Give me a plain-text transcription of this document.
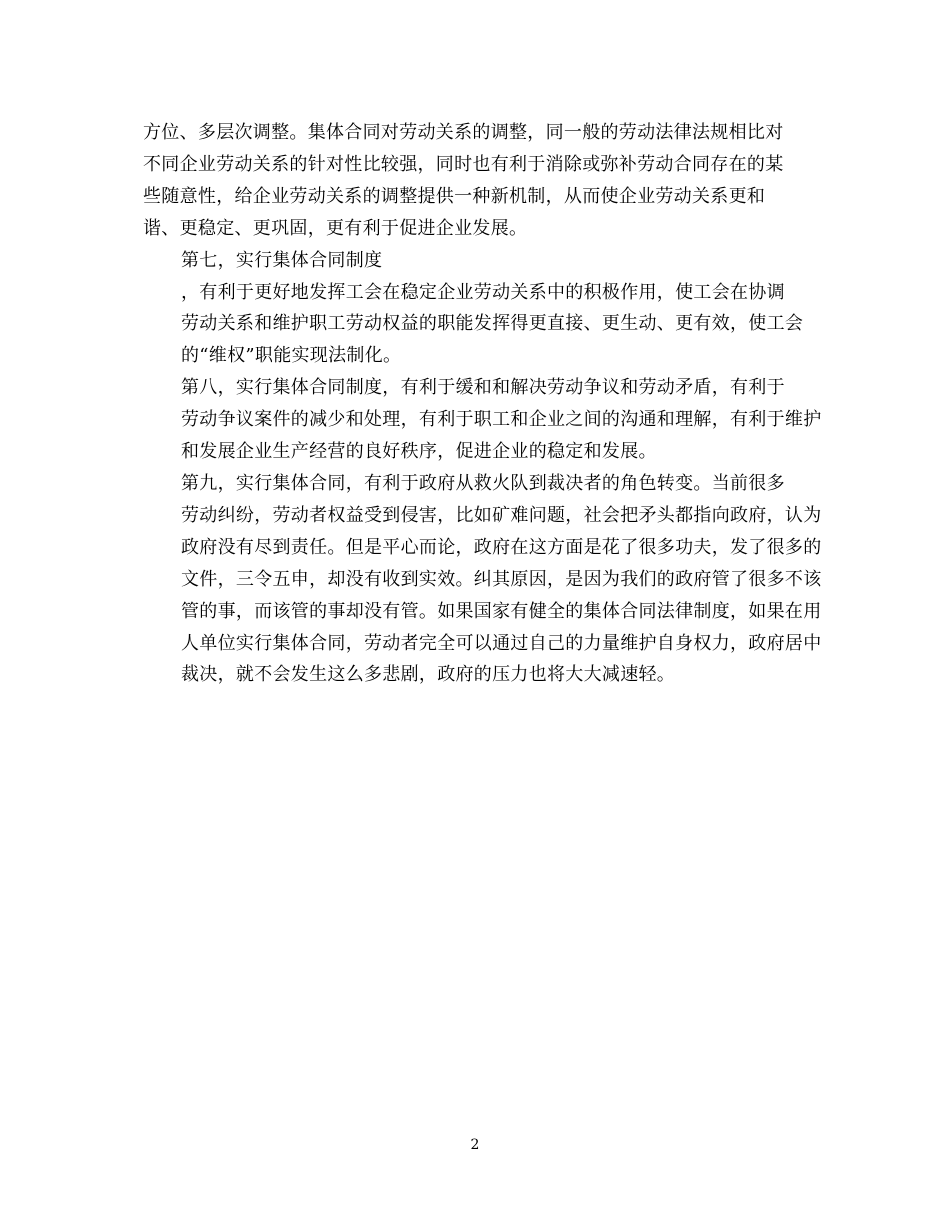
方位、多层次调整。集体合同对劳动关系的调整，同一般的劳动法律法规相比对
不同企业劳动关系的针对性比较强，同时也有利于消除或弥补劳动合同存在的某
些随意性，给企业劳动关系的调整提供一种新机制，从而使企业劳动关系更和
谐、更稳定、更巩固，更有利于促进企业发展。

第七，实行集体合同制度

，有利于更好地发挥工会在稳定企业劳动关系中的积极作用，使工会在协调
劳动关系和维护职工劳动权益的职能发挥得更直接、更生动、更有效，使工会
的“维权”职能实现法制化。

第八，实行集体合同制度，有利于缓和和解决劳动争议和劳动矛盾，有利于
劳动争议案件的减少和处理，有利于职工和企业之间的沟通和理解，有利于维护
和发展企业生产经营的良好秩序，促进企业的稳定和发展。

第九，实行集体合同，有利于政府从救火队到裁决者的角色转变。当前很多
劳动纠纷，劳动者权益受到侵害，比如矿难问题，社会把矛头都指向政府，认为
政府没有尽到责任。但是平心而论，政府在这方面是花了很多功夫，发了很多的
文件，三令五申，却没有收到实效。纠其原因，是因为我们的政府管了很多不该
管的事，而该管的事却没有管。如果国家有健全的集体合同法律制度，如果在用
人单位实行集体合同，劳动者完全可以通过自己的力量维护自身权力，政府居中
裁决，就不会发生这么多悲剧，政府的压力也将大大减速轻。

2
